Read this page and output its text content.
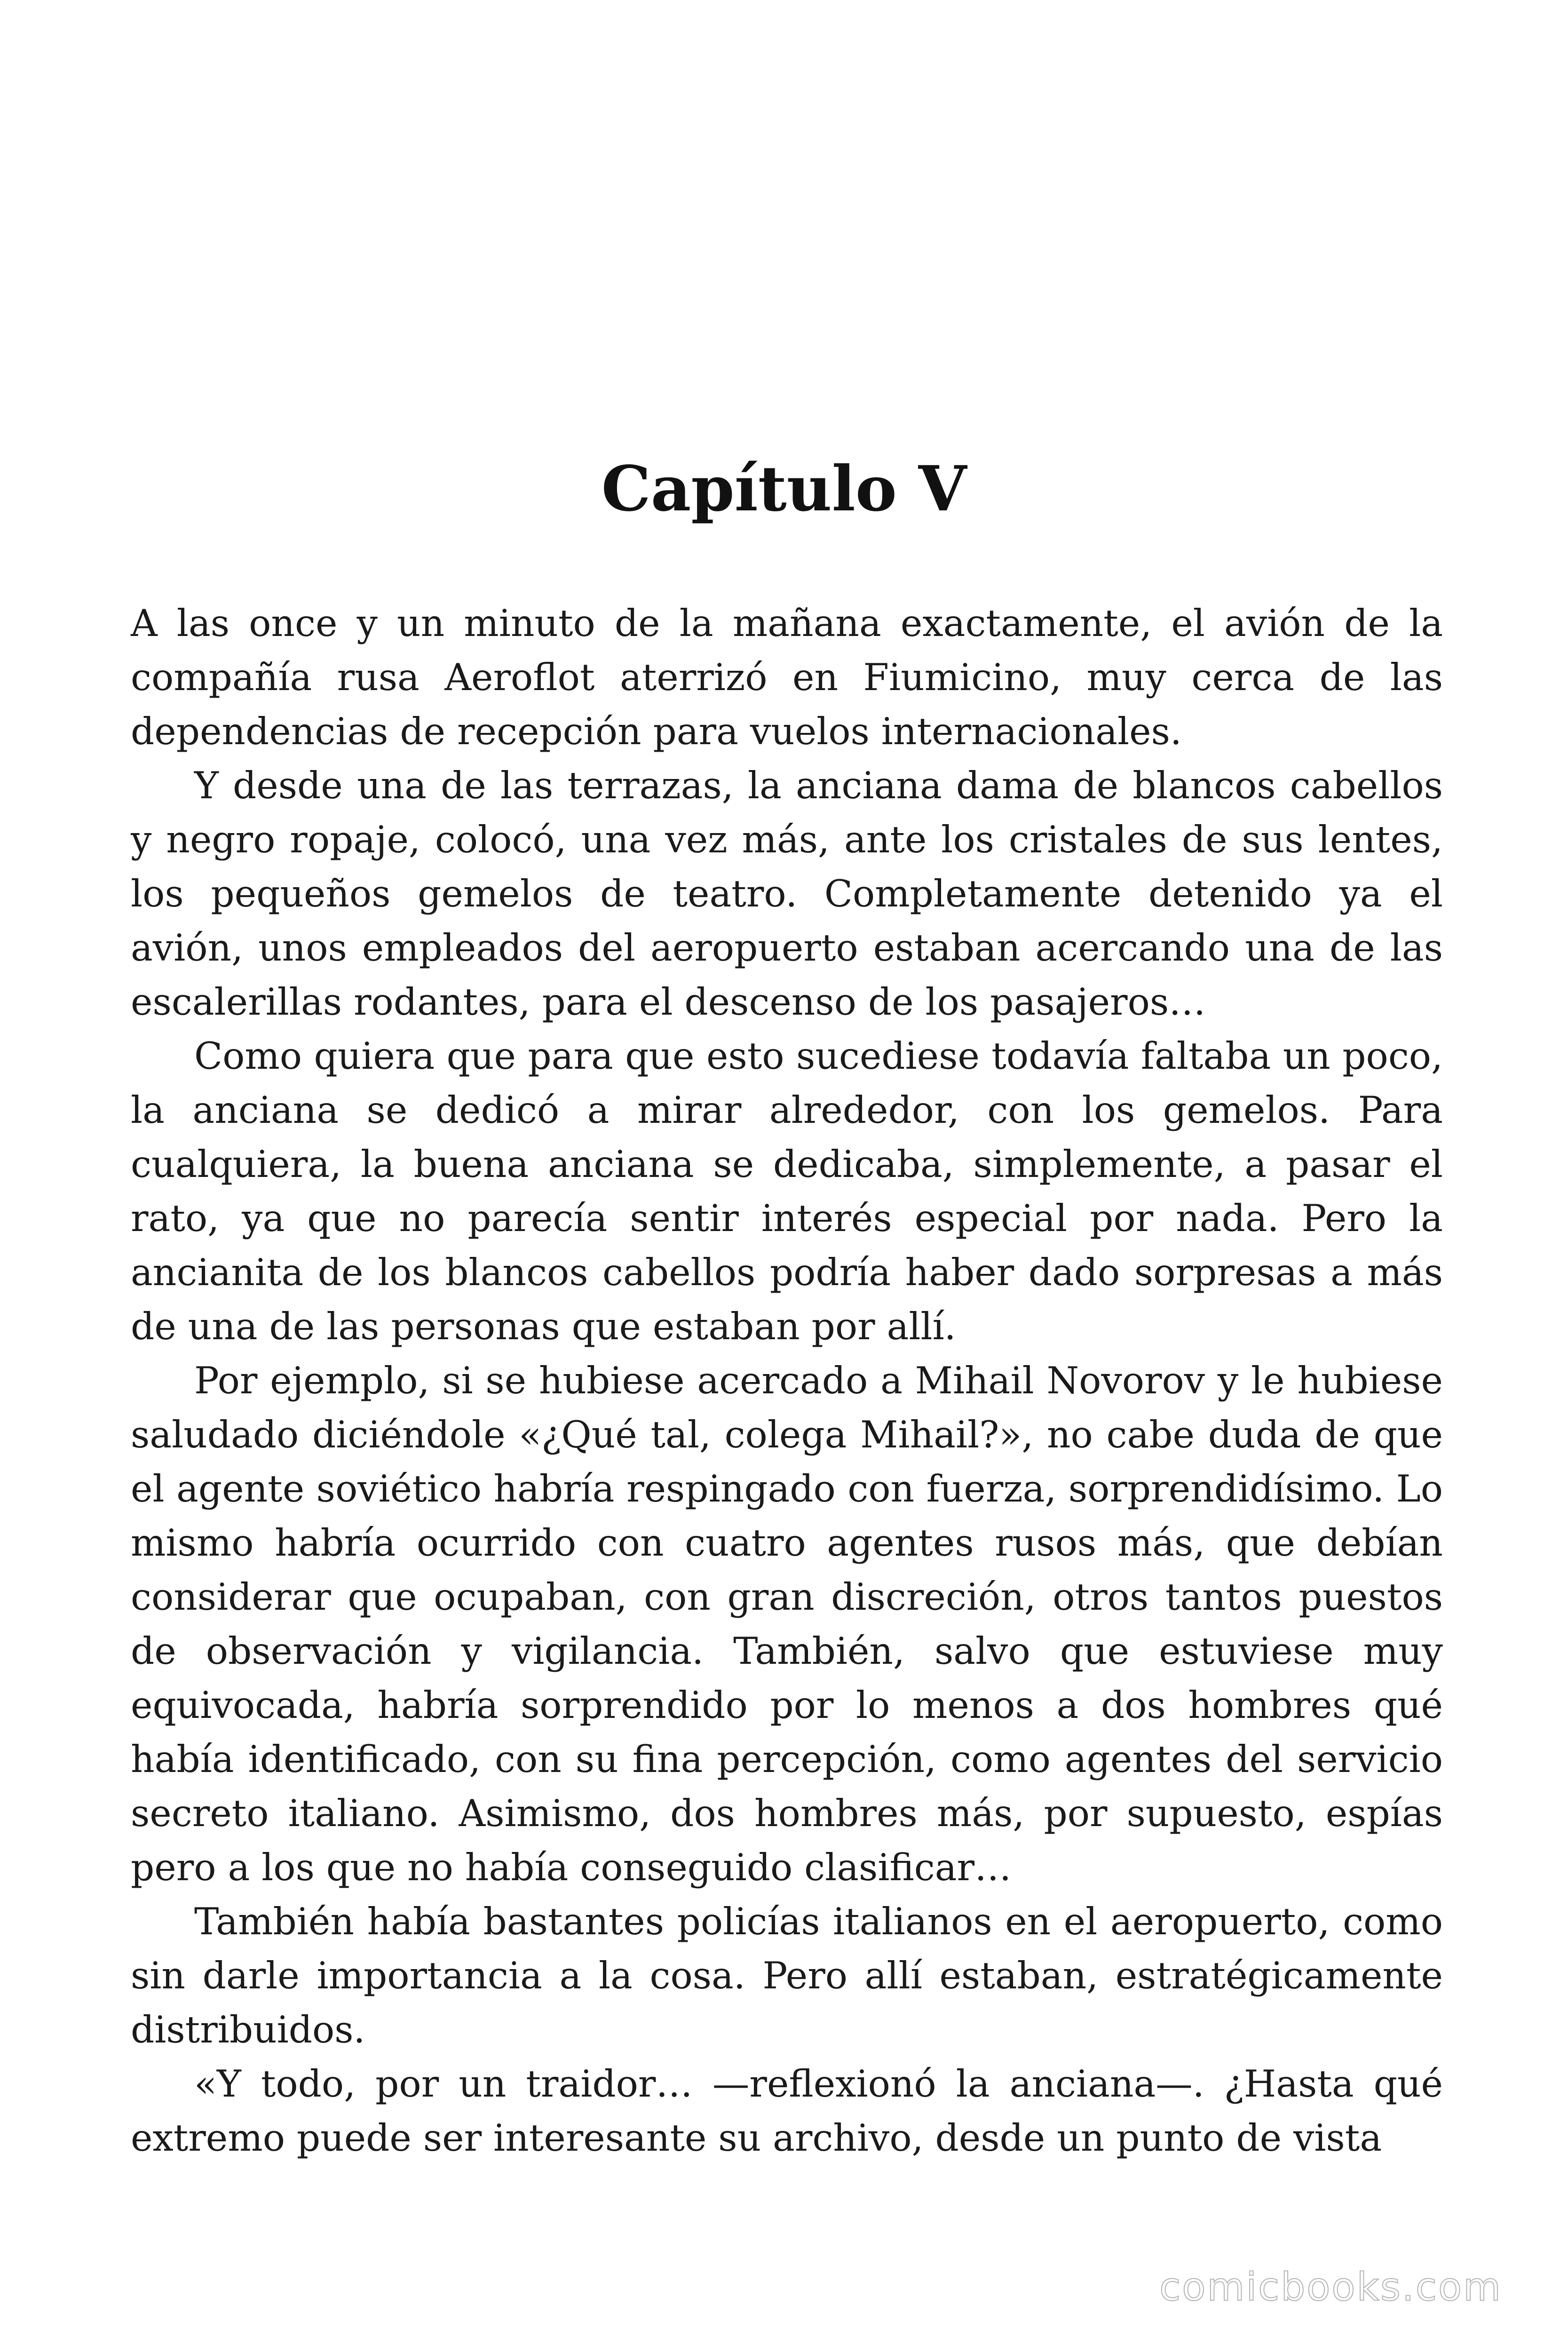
Capítulo V

A las once y un minuto de la mañana exactamente, el avión de la compañía rusa Aeroflot aterrizó en Fiumicino, muy cerca de las dependencias de recepción para vuelos internacionales.

Y desde una de las terrazas, la anciana dama de blancos cabellos y negro ropaje, colocó, una vez más, ante los cristales de sus lentes, los pequeños gemelos de teatro. Completamente detenido ya el avión, unos empleados del aeropuerto estaban acercando una de las escalerillas rodantes, para el descenso de los pasajeros…

Como quiera que para que esto sucediese todavía faltaba un poco, la anciana se dedicó a mirar alrededor, con los gemelos. Para cualquiera, la buena anciana se dedicaba, simplemente, a pasar el rato, ya que no parecía sentir interés especial por nada. Pero la ancianita de los blancos cabellos podría haber dado sorpresas a más de una de las personas que estaban por allí.

Por ejemplo, si se hubiese acercado a Mihail Novorov y le hubiese saludado diciéndole «¿Qué tal, colega Mihail?», no cabe duda de que el agente soviético habría respingado con fuerza, sorprendidísimo. Lo mismo habría ocurrido con cuatro agentes rusos más, que debían considerar que ocupaban, con gran discreción, otros tantos puestos de observación y vigilancia. También, salvo que estuviese muy equivocada, habría sorprendido por lo menos a dos hombres qué había identificado, con su fina percepción, como agentes del servicio secreto italiano. Asimismo, dos hombres más, por supuesto, espías pero a los que no había conseguido clasificar…

También había bastantes policías italianos en el aeropuerto, como sin darle importancia a la cosa. Pero allí estaban, estratégicamente distribuidos.

«Y todo, por un traidor… —reflexionó la anciana—. ¿Hasta qué extremo puede ser interesante su archivo, desde un punto de vista

comicbooks.com
